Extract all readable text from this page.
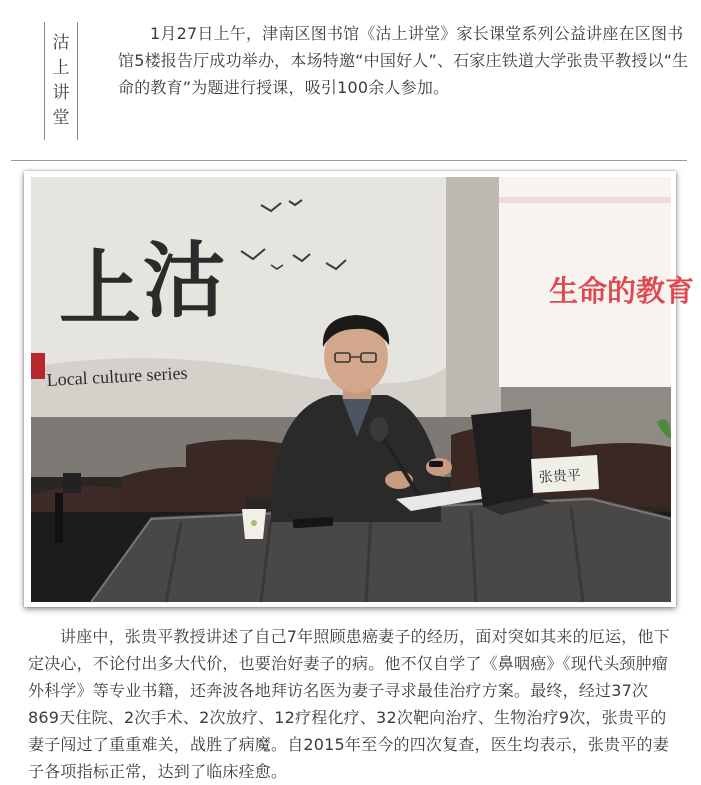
沽
上
讲
堂

1月27日上午，津南区图书馆《沽上讲堂》家长课堂系列公益讲座在区图书馆5楼报告厅成功举办，本场特邀“中国好人”、石家庄铁道大学张贵平教授以“生命的教育”为题进行授课，吸引100余人参加。

上 沽
Local culture series
生命的教育
张贵平

讲座中，张贵平教授讲述了自己7年照顾患癌妻子的经历，面对突如其来的厄运，他下定决心，不论付出多大代价，也要治好妻子的病。他不仅自学了《鼻咽癌》《现代头颈肿瘤外科学》等专业书籍，还奔波各地拜访名医为妻子寻求最佳治疗方案。最终，经过37次869天住院、2次手术、2次放疗、12疗程化疗、32次靶向治疗、生物治疗9次，张贵平的妻子闯过了重重难关，战胜了病魔。自2015年至今的四次复查，医生均表示，张贵平的妻子各项指标正常，达到了临床痊愈。
